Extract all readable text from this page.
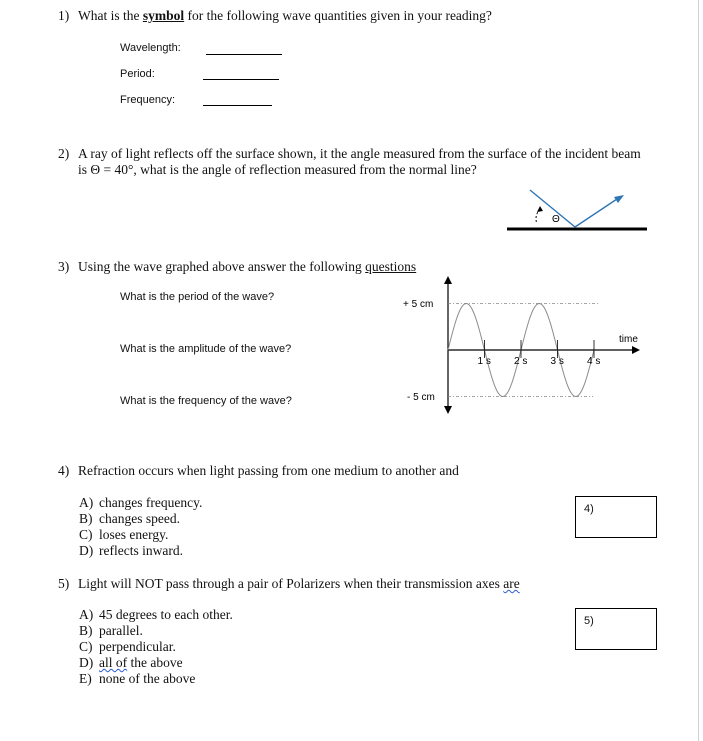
1) What is the symbol for the following wave quantities given in your reading?
Wavelength:
Period:
Frequency:
2) A ray of light reflects off the surface shown, it the angle measured from the surface of the incident beam
is Θ = 40°, what is the angle of reflection measured from the normal line?
Θ
3) Using the wave graphed above answer the following questions
What is the period of the wave?
What is the amplitude of the wave?
What is the frequency of the wave?
+ 5 cm
- 5 cm
1 s 2 s 3 s 4 s
time
4) Refraction occurs when light passing from one medium to another and
A) changes frequency.
B) changes speed.
C) loses energy.
D) reflects inward.
4)
5) Light will NOT pass through a pair of Polarizers when their transmission axes are
A) 45 degrees to each other.
B) parallel.
C) perpendicular.
D) all of the above
E) none of the above
5)
